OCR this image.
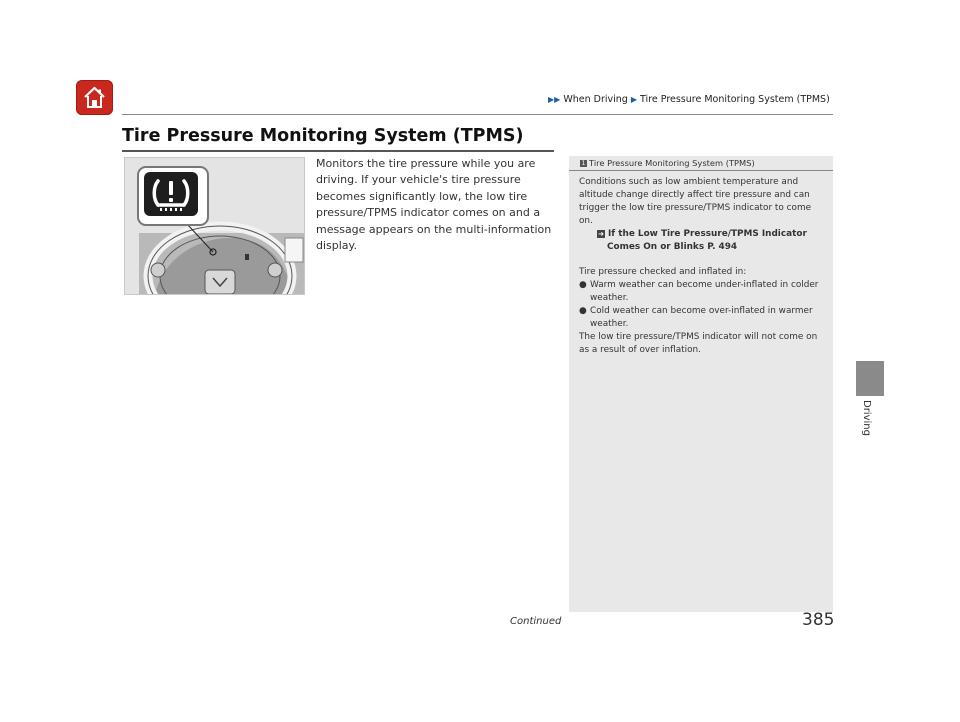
▶▶ When Driving ▶ Tire Pressure Monitoring System (TPMS)
Tire Pressure Monitoring System (TPMS)
Monitors the tire pressure while you are driving. If your vehicle's tire pressure becomes significantly low, the low tire pressure/TPMS indicator comes on and a message appears on the multi-information display.
1 Tire Pressure Monitoring System (TPMS)
Conditions such as low ambient temperature and altitude change directly affect tire pressure and can trigger the low tire pressure/TPMS indicator to come on.
➜ If the Low Tire Pressure/TPMS Indicator
Comes On or Blinks P. 494
Tire pressure checked and inflated in:
● Warm weather can become under-inflated in colder weather.
● Cold weather can become over-inflated in warmer weather.
The low tire pressure/TPMS indicator will not come on as a result of over inflation.
Driving
Continued	385
